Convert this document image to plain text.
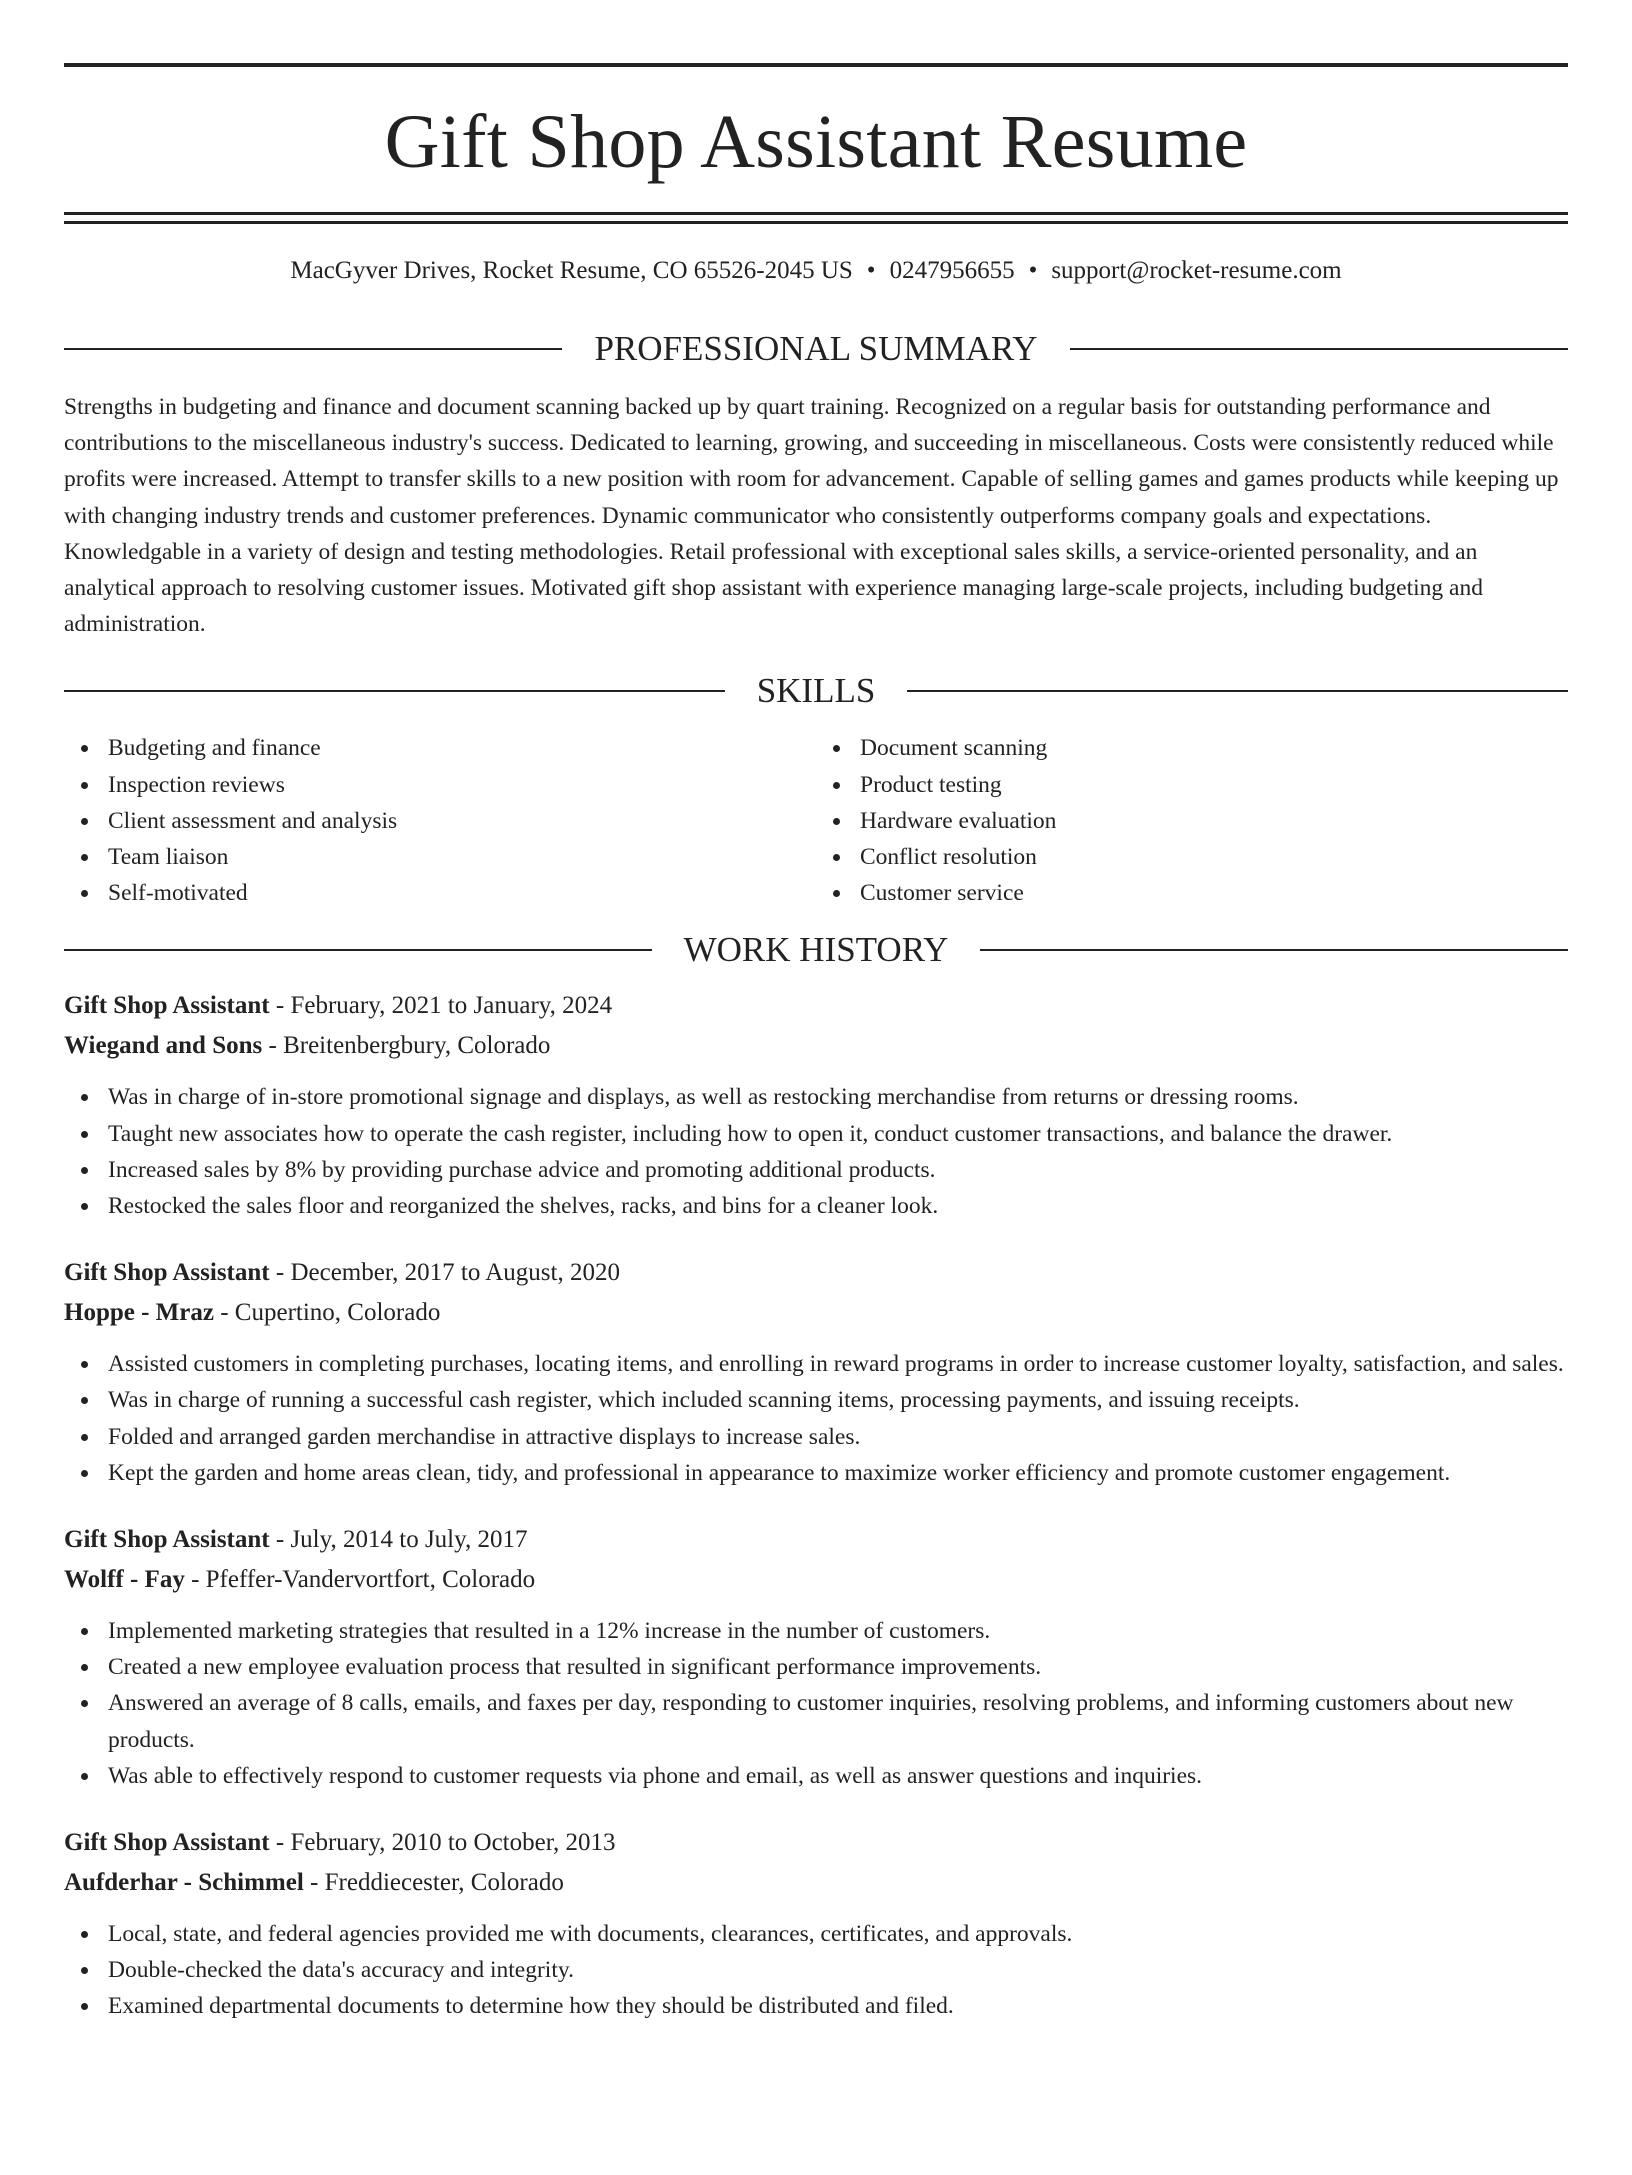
Gift Shop Assistant Resume
MacGyver Drives, Rocket Resume, CO 65526-2045 US • 0247956655 • support@rocket-resume.com
PROFESSIONAL SUMMARY

Strengths in budgeting and finance and document scanning backed up by quart training. Recognized on a regular basis for outstanding performance and contributions to the miscellaneous industry's success. Dedicated to learning, growing, and succeeding in miscellaneous. Costs were consistently reduced while profits were increased. Attempt to transfer skills to a new position with room for advancement. Capable of selling games and games products while keeping up with changing industry trends and customer preferences. Dynamic communicator who consistently outperforms company goals and expectations. Knowledgable in a variety of design and testing methodologies. Retail professional with exceptional sales skills, a service-oriented personality, and an analytical approach to resolving customer issues. Motivated gift shop assistant with experience managing large-scale projects, including budgeting and administration.

SKILLS
Budgeting and finance
Inspection reviews
Client assessment and analysis
Team liaison
Self-motivated
Document scanning
Product testing
Hardware evaluation
Conflict resolution
Customer service
WORK HISTORY
Gift Shop Assistant - February, 2021 to January, 2024
Wiegand and Sons - Breitenbergbury, Colorado
Was in charge of in-store promotional signage and displays, as well as restocking merchandise from returns or dressing rooms.
Taught new associates how to operate the cash register, including how to open it, conduct customer transactions, and balance the drawer.
Increased sales by 8% by providing purchase advice and promoting additional products.
Restocked the sales floor and reorganized the shelves, racks, and bins for a cleaner look.
Gift Shop Assistant - December, 2017 to August, 2020
Hoppe - Mraz - Cupertino, Colorado
Assisted customers in completing purchases, locating items, and enrolling in reward programs in order to increase customer loyalty, satisfaction, and sales.
Was in charge of running a successful cash register, which included scanning items, processing payments, and issuing receipts.
Folded and arranged garden merchandise in attractive displays to increase sales.
Kept the garden and home areas clean, tidy, and professional in appearance to maximize worker efficiency and promote customer engagement.
Gift Shop Assistant - July, 2014 to July, 2017
Wolff - Fay - Pfeffer-Vandervortfort, Colorado
Implemented marketing strategies that resulted in a 12% increase in the number of customers.
Created a new employee evaluation process that resulted in significant performance improvements.
Answered an average of 8 calls, emails, and faxes per day, responding to customer inquiries, resolving problems, and informing customers about new products.
Was able to effectively respond to customer requests via phone and email, as well as answer questions and inquiries.
Gift Shop Assistant - February, 2010 to October, 2013
Aufderhar - Schimmel - Freddiecester, Colorado
Local, state, and federal agencies provided me with documents, clearances, certificates, and approvals.
Double-checked the data's accuracy and integrity.
Examined departmental documents to determine how they should be distributed and filed.
